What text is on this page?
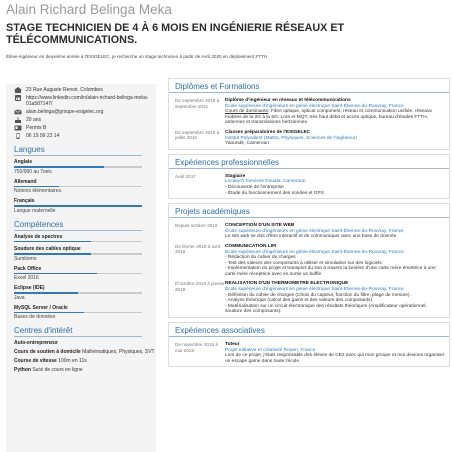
Alain Richard Belinga Meka
STAGE TECHNICIEN DE 4 À 6 MOIS EN INGÉNIERIE RÉSEAUX ET TÉLÉCOMMUNICATIONS.
Élève-ingénieur en deuxième année à l'ESIGELEC, je recherche un stage technicien à partir de Avril 2020 en déploiement FTTH.
23 Rue Auguste Renoir, Colombes
https://www.linkedin.com/in/alain-richard-belinga-meka-01a587147/
alain.belinga@groupe-esigelec.org
20 ans
Permis B
06 19 99 23 14
Langues
Anglais
750/990 au Toeic
Allemand
Notions élémentaires.
Français
Langue maternelle
Compétences
Analyse de spectres
Soudure des cables optique
Sumitomo
Pack Office
Excel 2016
Eclipse (IDE)
Java
MySQL Server / Oracle
Bases de données
Centres d'intérêt
Auto-entrepreneur
Cours de soutien à domicile Mathématiques, Physiques, SVT
Course de vitesse 100m en 11s
Python Suivi de cours en ligne
Diplômes et Formations
De septembre 2018 à septembre 2021
Diplôme d'ingénieur en réseaux et télécommunications
École supérieure d'ingénieurs en génie électrique Saint-Étienne-du-Rouvray, France
Cours de dominante: Fibre optique, optical component, réseau et communication unifiée, réseaux mobiles de la 2G à la 5G, Lora et MQT, très haut débit et accès optique, bureau d'études FTTH, antennes et transmissions hertziennes.
De septembre 2016 à juillet 2018
Classes préparatoires de l'ESIGELEC
Institut Polyvalent (Maths, Physiques, Sciences de l'ingénieur)
Yaoundé, Cameroun
Expériences professionnelles
Août 2017	Stagiaire
Localech Services Douala, Cameroun
- Découverte de l'entreprise
- Étude du fonctionnement des sondes et GPS
Projets académiques
Depuis octobre 2019	CONCEPTION D'UN SITE WEB
École supérieure d'ingénieurs en génie électrique Saint-Étienne-du-Rouvray, France
Le site web se doit d'être interactif et de communiquer avec une base de donnée.
De février 2018 à avril 2018
COMMUNICATION LIFI
École supérieure d'ingénieurs en génie électrique Saint-Étienne-du-Rouvray, France
- Rédaction du cahier de charges
- Test des valeurs des composants à utiliser et simulation sur des logiciels
- Implémentation du projet et transport du son à travers la lumière d'une carte mère émettrice à une carte mère réceptrice avec en sortie un baffle
D'octobre 2018 à janvier 2019
REALISATION D'UN THERMOMETRE ELECTRONIQUE
École supérieure d'ingénieurs en génie électrique Saint-Étienne-du-Rouvray, France
- Définition du cahier de charges (Choix du capteur, fonction du filtre, plage de mesure).
- Analyse théorique (calcul des gains et des valeurs des composants).
- Matérialisation sur un circuit électronique des résultats théoriques (Amplificateur opérationnel, soudure des composants).
Expériences associatives
De novembre 2018 à mai 2019
Tuteur
Projet Initiative et créativité Rouen, France
Lors de ce projet, j'étais responsable des élèves de CE2 avec qui mon groupe et moi devions organiser un escape game dans toute l'école.
